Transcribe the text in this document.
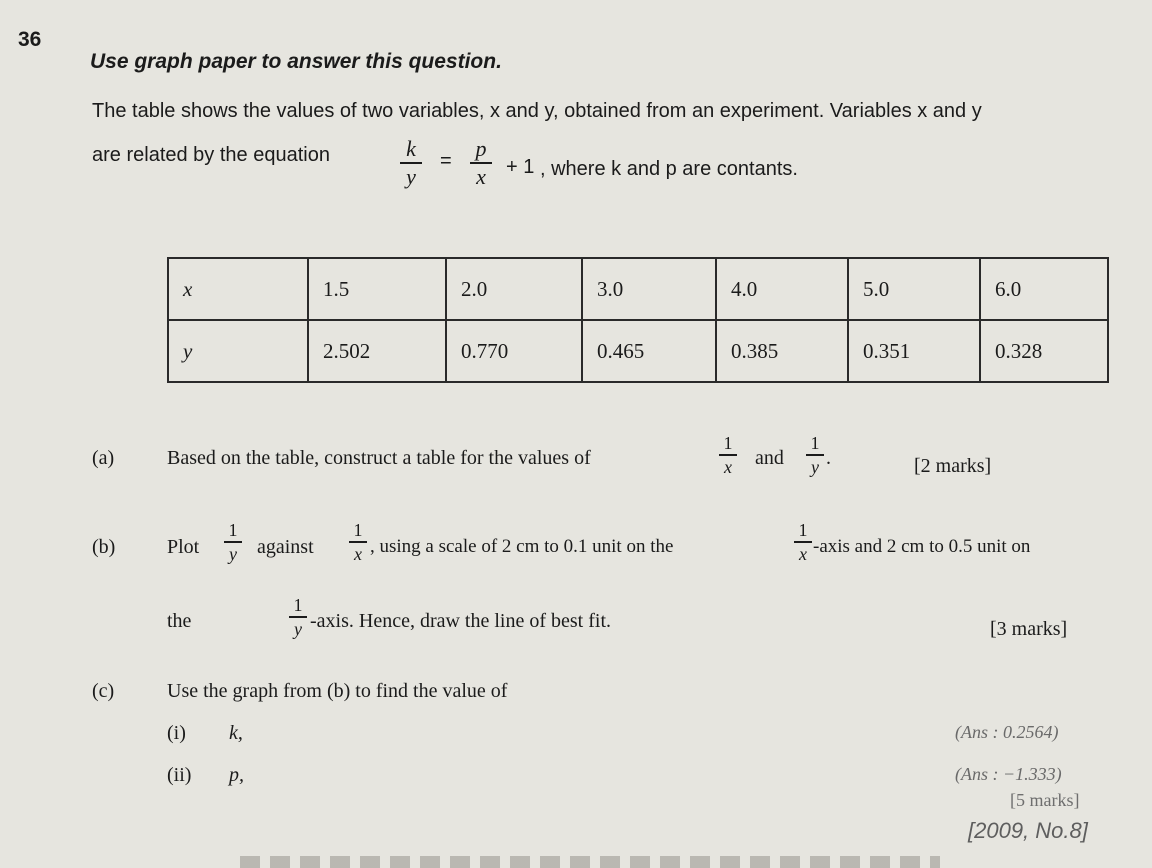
36
Use graph paper to answer this question.
The table shows the values of two variables, x and y, obtained from an experiment. Variables x and y
are related by the equation	k
y
= p
x + 1 , where k and p are contants.
x	1.5	2.0	3.0	4.0	5.0	6.0
y	2.502	0.770	0.465	0.385	0.351	0.328
(a)	Based on the table, construct a table for the values of
1
x and
1
y .	[2 marks]
(b)	Plot
1
y against
1
x , using a scale of 2 cm to 0.1 unit on the
1
x -axis and 2 cm to 0.5 unit on
the
1
y -axis. Hence, draw the line of best fit.	[3 marks]
(c)	Use the graph from (b) to find the value of
(i) k,	(Ans : 0.2564)
(ii) p,	(Ans : −1.333)
[5 marks]
[2009, No.8]
